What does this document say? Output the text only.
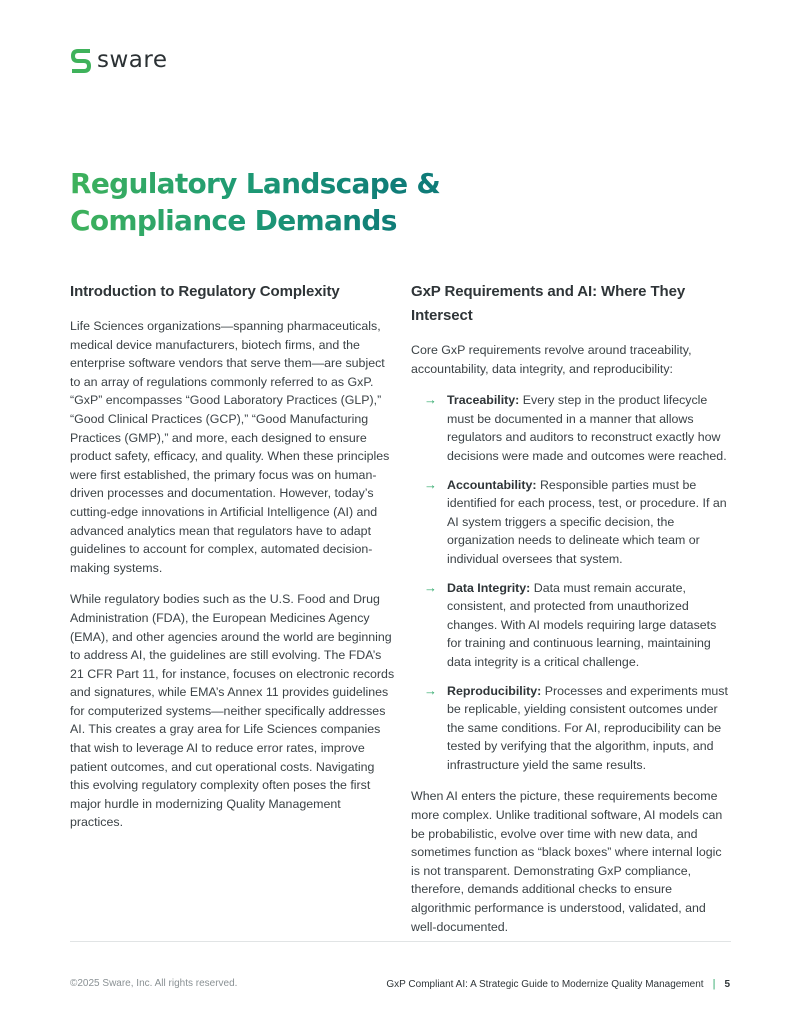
sware
Regulatory Landscape &
Compliance Demands
Introduction to Regulatory Complexity

Life Sciences organizations—spanning pharmaceuticals, medical device manufacturers, biotech firms, and the enterprise software vendors that serve them—are subject to an array of regulations commonly referred to as GxP. “GxP” encompasses “Good Laboratory Practices (GLP),” “Good Clinical Practices (GCP),” “Good Manufacturing Practices (GMP),” and more, each designed to ensure product safety, efficacy, and quality. When these principles were first established, the primary focus was on human-driven processes and documentation. However, today’s cutting-edge innovations in Artificial Intelligence (AI) and advanced analytics mean that regulators have to adapt guidelines to account for complex, automated decision-making systems.

While regulatory bodies such as the U.S. Food and Drug Administration (FDA), the European Medicines Agency (EMA), and other agencies around the world are beginning to address AI, the guidelines are still evolving. The FDA’s 21 CFR Part 11, for instance, focuses on electronic records and signatures, while EMA’s Annex 11 provides guidelines for computerized systems—neither specifically addresses AI. This creates a gray area for Life Sciences companies that wish to leverage AI to reduce error rates, improve patient outcomes, and cut operational costs. Navigating this evolving regulatory complexity often poses the first major hurdle in modernizing Quality Management practices.

GxP Requirements and AI: Where They Intersect

Core GxP requirements revolve around traceability, accountability, data integrity, and reproducibility:

→ Traceability: Every step in the product lifecycle must be documented in a manner that allows regulators and auditors to reconstruct exactly how decisions were made and outcomes were reached.
→ Accountability: Responsible parties must be identified for each process, test, or procedure. If an AI system triggers a specific decision, the organization needs to delineate which team or individual oversees that system.
→ Data Integrity: Data must remain accurate, consistent, and protected from unauthorized changes. With AI models requiring large datasets for training and continuous learning, maintaining data integrity is a critical challenge.
→ Reproducibility: Processes and experiments must be replicable, yielding consistent outcomes under the same conditions. For AI, reproducibility can be tested by verifying that the algorithm, inputs, and infrastructure yield the same results.

When AI enters the picture, these requirements become more complex. Unlike traditional software, AI models can be probabilistic, evolve over time with new data, and sometimes function as “black boxes” where internal logic is not transparent. Demonstrating GxP compliance, therefore, demands additional checks to ensure algorithmic performance is understood, validated, and well-documented.

©2025 Sware, Inc. All rights reserved.	GxP Compliant AI: A Strategic Guide to Modernize Quality Management | 5
